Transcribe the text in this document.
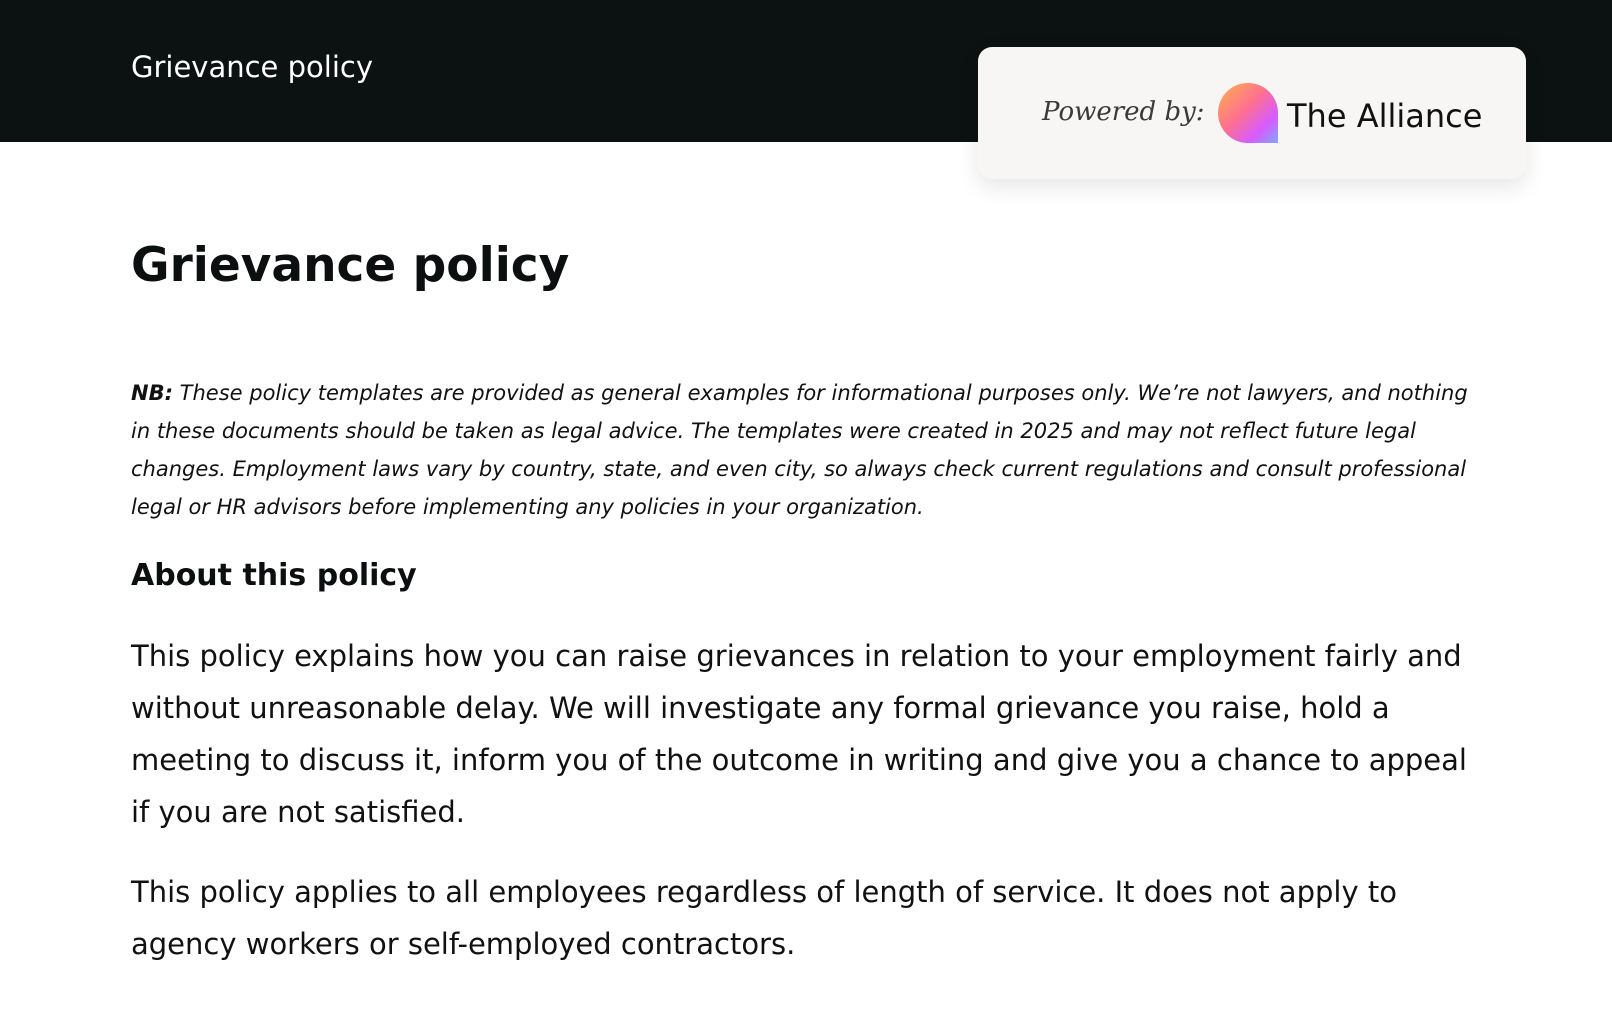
Grievance policy
Powered by:	The Alliance
Grievance policy

NB: These policy templates are provided as general examples for informational purposes only. We’re not lawyers, and nothing in these documents should be taken as legal advice. The templates were created in 2025 and may not reflect future legal changes. Employment laws vary by country, state, and even city, so always check current regulations and consult professional legal or HR advisors before implementing any policies in your organization.

About this policy

This policy explains how you can raise grievances in relation to your employment fairly and without unreasonable delay. We will investigate any formal grievance you raise, hold a meeting to discuss it, inform you of the outcome in writing and give you a chance to appeal if you are not satisfied.

This policy applies to all employees regardless of length of service. It does not apply to agency workers or self-employed contractors.
